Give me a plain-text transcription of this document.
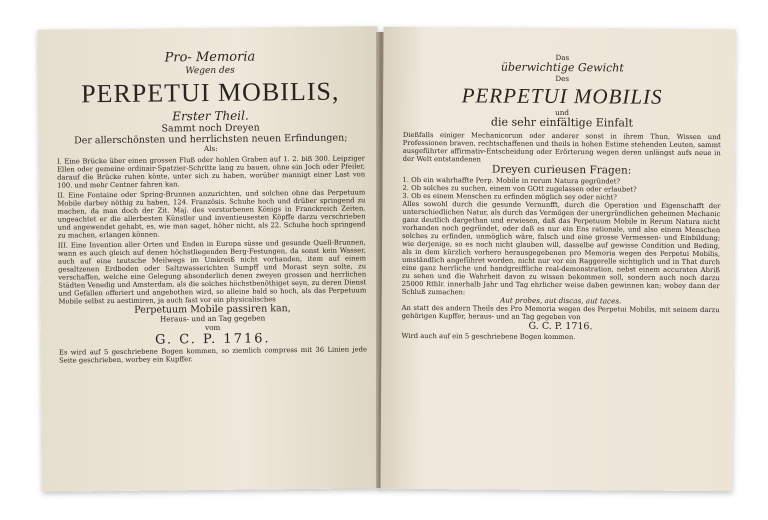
Pro- Memoria
Wegen des
PERPETUI MOBILIS,
Erster Theil.
Sammt noch Dreyen
Der allerschönsten und herrlichsten neuen Erfindungen;
Als:
I. Eine Brücke über einen grossen Fluß oder hohlen Graben auf 1. 2. biß 300. Leipziger Ellen oder gemeine ordinair-Spatzier-Schritte lang zu bauen, ohne ein Joch oder Pfeiler, darauf die Brücke ruhen könte, unter sich zu haben, worüber mannigt einer Last von 100. und mehr Centner fahren kan.
II. Eine Fontaine oder Spring-Brunnen anzurichten, und solchen ohne das Perpetuum Mobile darbey nöthig zu haben, 124. Französis. Schuhe hoch und drüber springend zu machen, da man doch der Zit. Maj. des verstorbenen Königs in Franckreich Zeiten, ungeachtet er die allerbesten Künstler und inventieusesten Köpffe darzu verschrieben und angewendet gehabt, es, wie man saget, höher nicht, als 22. Schuhe hoch springend zu machen, erlangen können.
III. Eine Invention aller Orten und Enden in Europa süsse und gesunde Quell-Brunnen, wann es auch gleich auf denen höchstliegenden Berg-Festungen, da sonst kein Wasser, auch auf eine teutsche Meilwegs im Umkreiß nicht vorhanden, item auf einem gesaltzenen Erdboden oder Saltzwasserichten Sumpff und Morast seyn solte, zu verschaffen, welche eine Gelegung absonderlich denen zweyen grossen und herrlichen Städten Venedig und Amsterdam, als die solches höchstbenöthiget seyn, zu deren Dienst und Gefallen offeriert und angebothen wird, so alleine bald so hoch, als das Perpetuum Mobile selbst zu aestimiren, ja auch fast vor ein physicalisches
Perpetuum Mobile passiren kan,
Heraus- und an Tag gegeben
vom
G. C. P. 1716.
Es wird auf 5 geschriebene Bogen kommen, so ziemlich compress mit 36 Linien jede Seite geschrieben, worbey ein Kupffer.
Das
überwichtige Gewicht
Des
PERPETUI MOBILIS
und
die sehr einfältige Einfalt
Dießfalls einiger Mechanicorum oder anderer sonst in ihrem Thun, Wissen und Professionen braven, rechtschaffenen und theils in hohen Estime stehenden Leuten, sammt ausgeführter affirmativ-Entscheidung oder Erörterung wegen deren unlängst aufs neue in der Welt entstandenen
Dreyen curieusen Fragen:
1. Ob ein wahrhaffte Perp. Mobile in rerum Natura gegründet?
2. Ob solches zu suchen, einem von GOtt zugelassen oder erlaubet?
3. Ob es einem Menschen zu erfinden möglich sey oder nicht?
Alles sowohl durch die gesunde Vernunfft, durch die Operation und Eigenschafft der unterschiedlichen Natur, als durch das Vermögen der unergründlichen geheimen Mechanic ganz deutlich dargethan und erwiesen, daß das Perpetuum Mobile in Rerum Natura nicht vorhanden noch gegründet, oder daß es nur ein Ens rationale, und also einem Menschen solches zu erfinden, unmöglich wäre, falsch und eine grosse Vermessen- und Einbildung; wie derjenige, so es noch nicht glauben will, dasselbe auf gewisse Condition und Beding, als in dem kürzlich vorhero herausgegebenen pro Memoria wegen des Perpetui Mobilis, umständlich angeführet worden, nicht nur vor ein Raggerelle sichtiglich und in That durch eine ganz herrliche und handgreiffliche real-demonstration, nebst einem accuraten Abriß zu sehen und die Wahrheit davon zu wissen bekommen soll, sondern auch noch darzu 25000 Rthlr. innerhalb Jahr und Tag ehrlicher weise daben gewinnen kan; wobey dann der Schluß zumachen:
Aut probes, aut discas, aut taces.
An statt des andern Theils des Pro Memoria wegen des Perpetui Mobilis, mit seinem darzu gehörigen Kupffer, heraus- und an Tag gegeben von
G. C. P. 1716.
Wird auch auf ein 5 geschriebene Bogen kommen.
